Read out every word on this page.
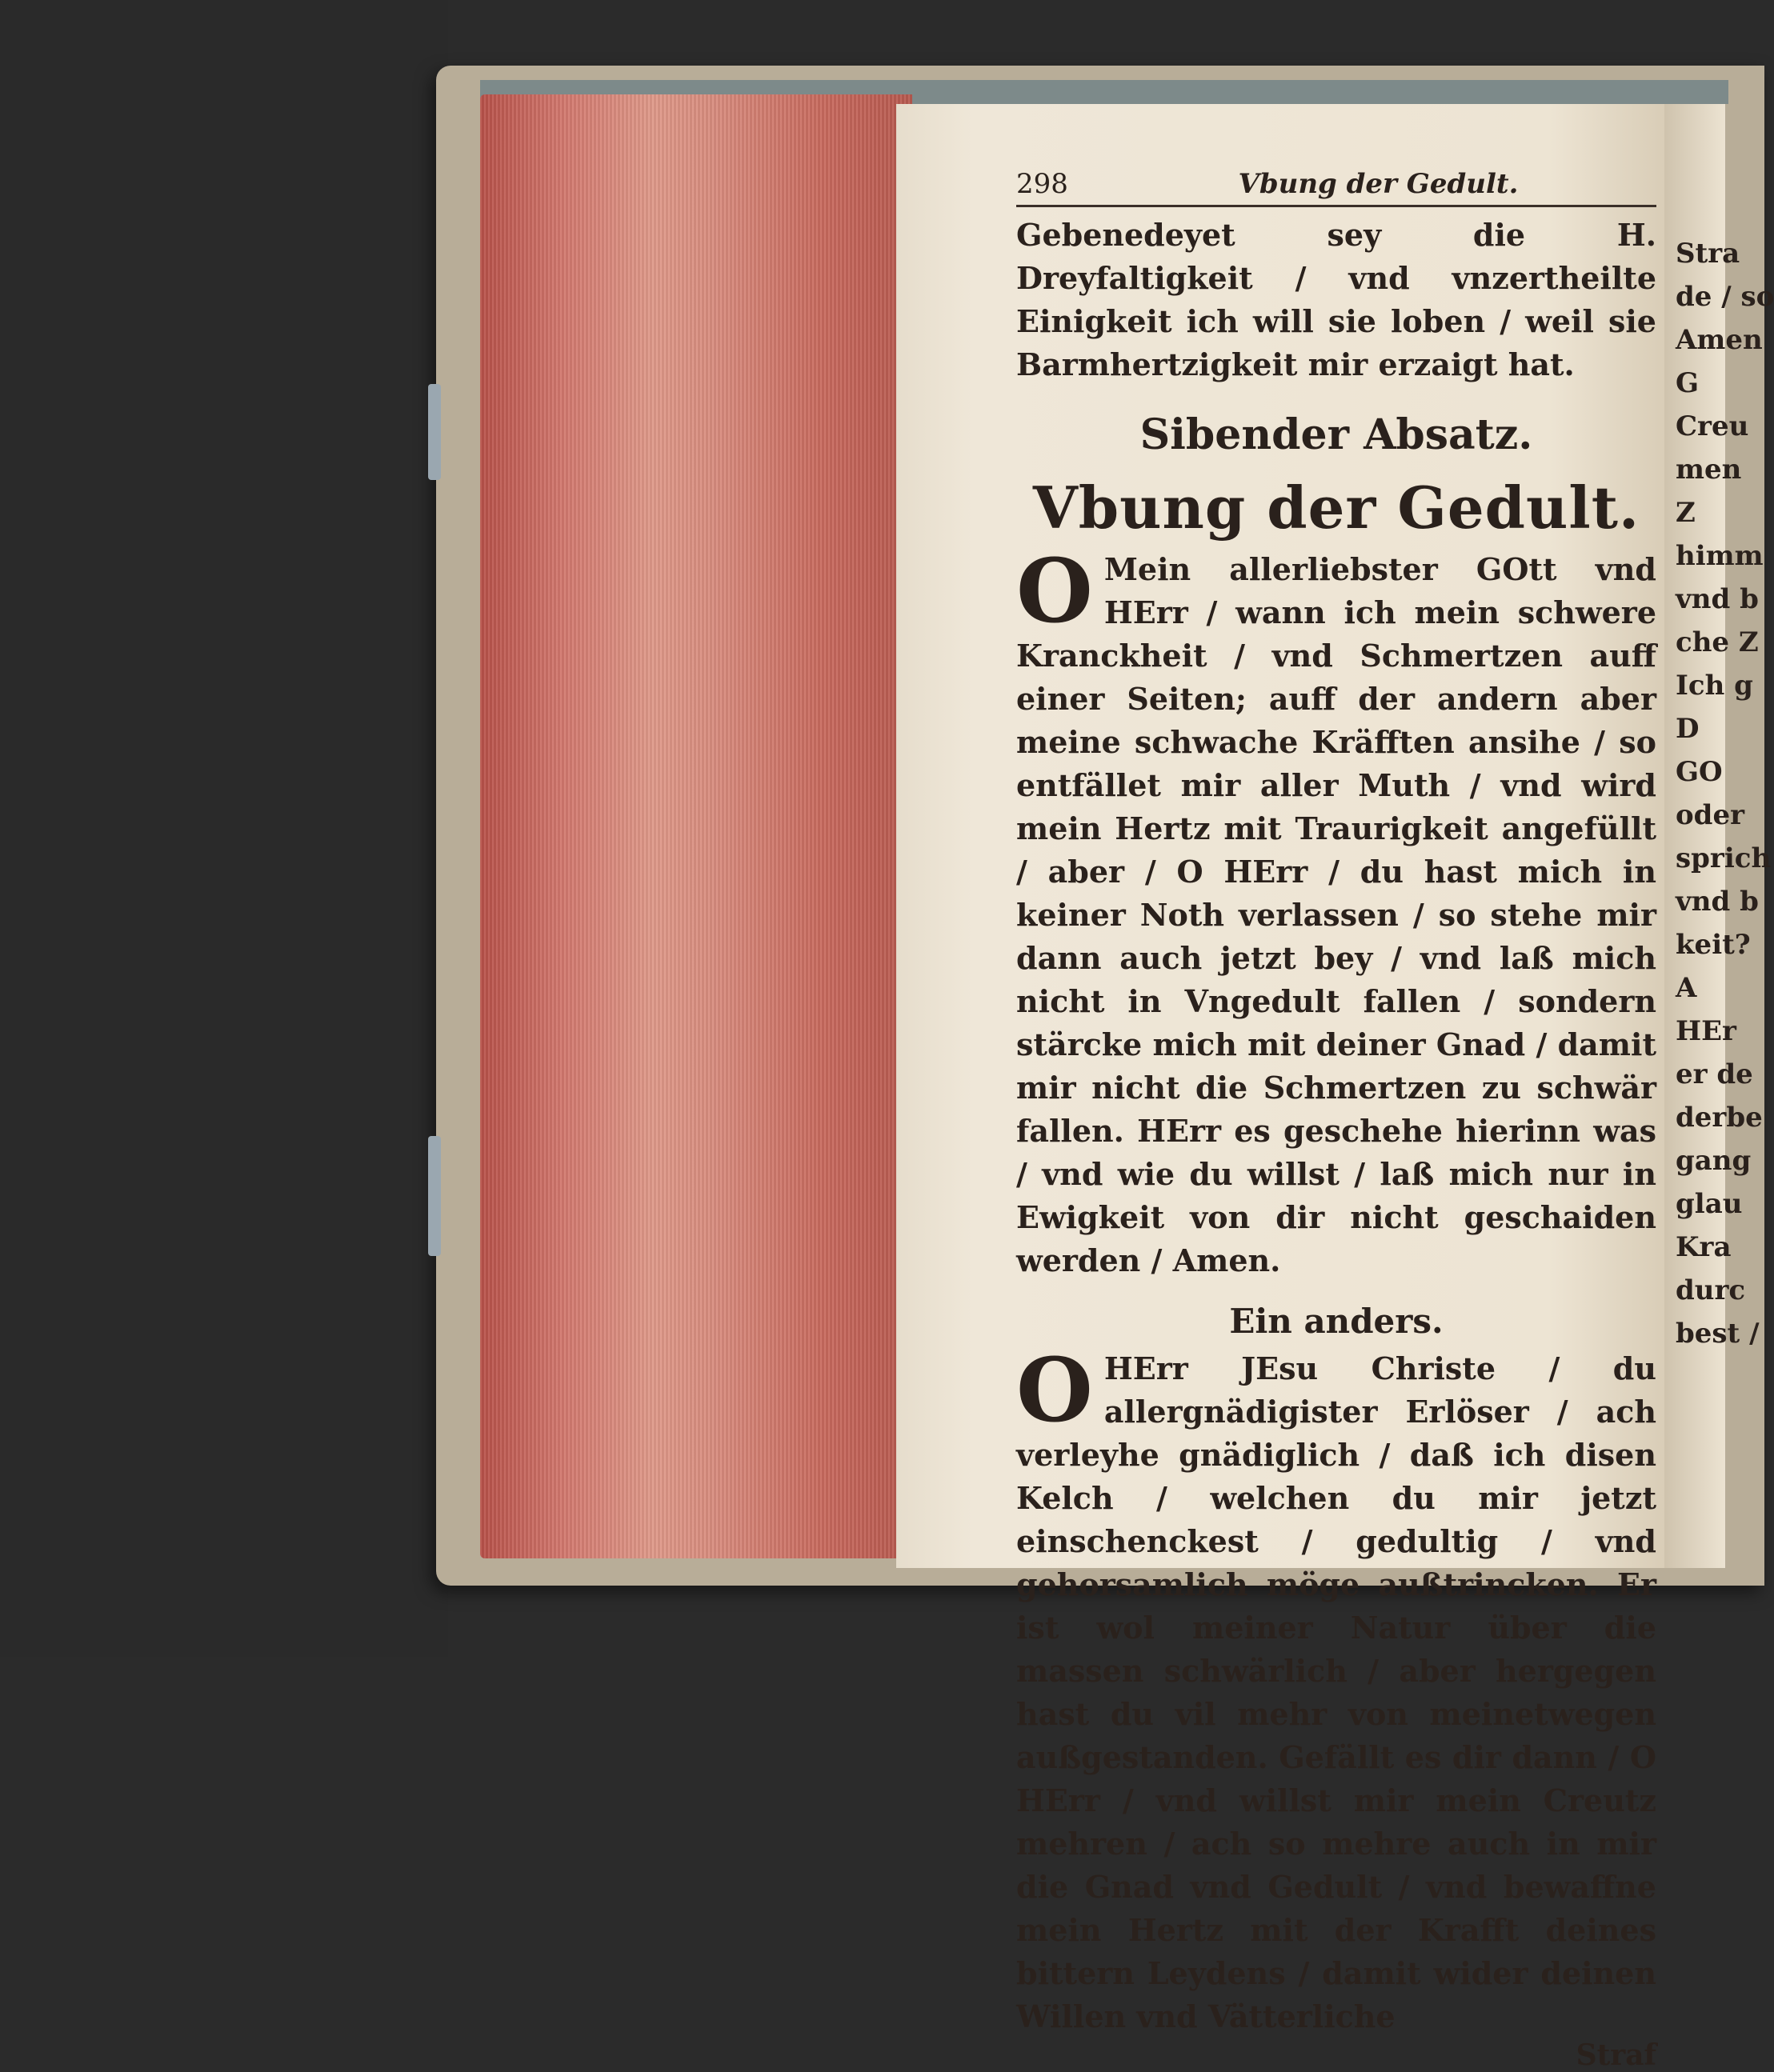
298	Vbung der Gedult.

Gebenedeyet sey die H. Dreyfaltigkeit / vnd vnzertheilte Einigkeit ich will sie loben / weil sie Barmhertzigkeit mir erzaigt hat.

Sibender Absatz.
Vbung der Gedult.

O Mein allerliebster GOtt vnd HErr / wann ich mein schwere Kranckheit / vnd Schmertzen auff einer Seiten; auff der andern aber meine schwache Kräfften ansihe / so entfället mir aller Muth / vnd wird mein Hertz mit Traurigkeit angefüllt / aber / O HErr / du hast mich in keiner Noth verlassen / so stehe mir dann auch jetzt bey / vnd laß mich nicht in Vngedult fallen / sondern stärcke mich mit deiner Gnad / damit mir nicht die Schmertzen zu schwär fallen. HErr es geschehe hierinn was / vnd wie du willst / laß mich nur in Ewigkeit von dir nicht geschaiden werden / Amen.

Ein anders.

O HErr JEsu Christe / du allergnädigister Erlöser / ach verleyhe gnädiglich / daß ich disen Kelch / welchen du mir jetzt einschenckest / gedultig / vnd gehorsamlich möge außtrincken. Er ist wol meiner Natur über die massen schwärlich / aber hergegen hast du vil mehr von meinetwegen außgestanden. Gefällt es dir dann / O HErr / vnd willst mir mein Creutz mehren / ach so mehre auch in mir die Gnad vnd Gedult / vnd bewaffne mein Hertz mit der Krafft deines bittern Leydens / damit wider deinen Willen vnd Vätterliche

Straf
Stra
de / so
Amen
G
Creu
men
Z
himm
vnd b
che Z
Ich g
D
GO
oder
sprich
vnd b
keit?
A
HEr
er de
derbe
gang
glau
Kra
durc
best /
